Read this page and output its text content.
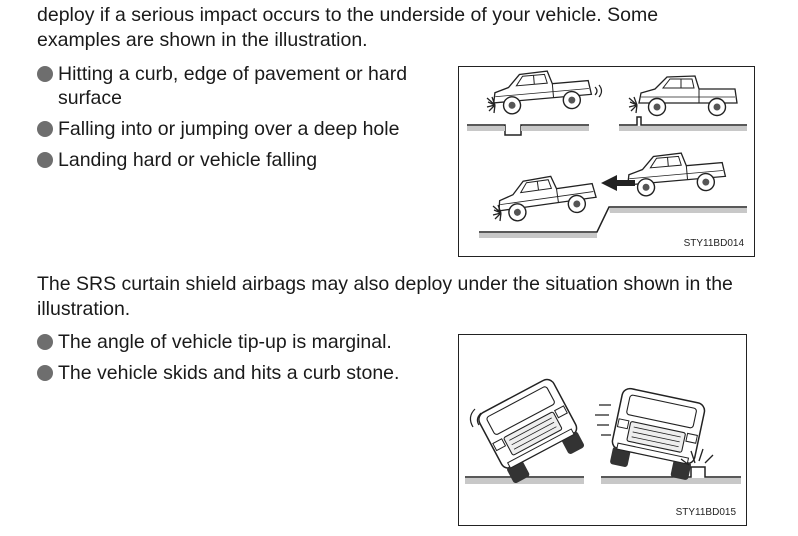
deploy if a serious impact occurs to the underside of your vehicle. Some

examples are shown in the illustration.

Hitting a curb, edge of pavement or hard surface
Falling into or jumping over a deep hole
Landing hard or vehicle falling
STY11BD014

The SRS curtain shield airbags may also deploy under the situation shown in the illustration.

The angle of vehicle tip-up is marginal.
The vehicle skids and hits a curb stone.
STY11BD015
